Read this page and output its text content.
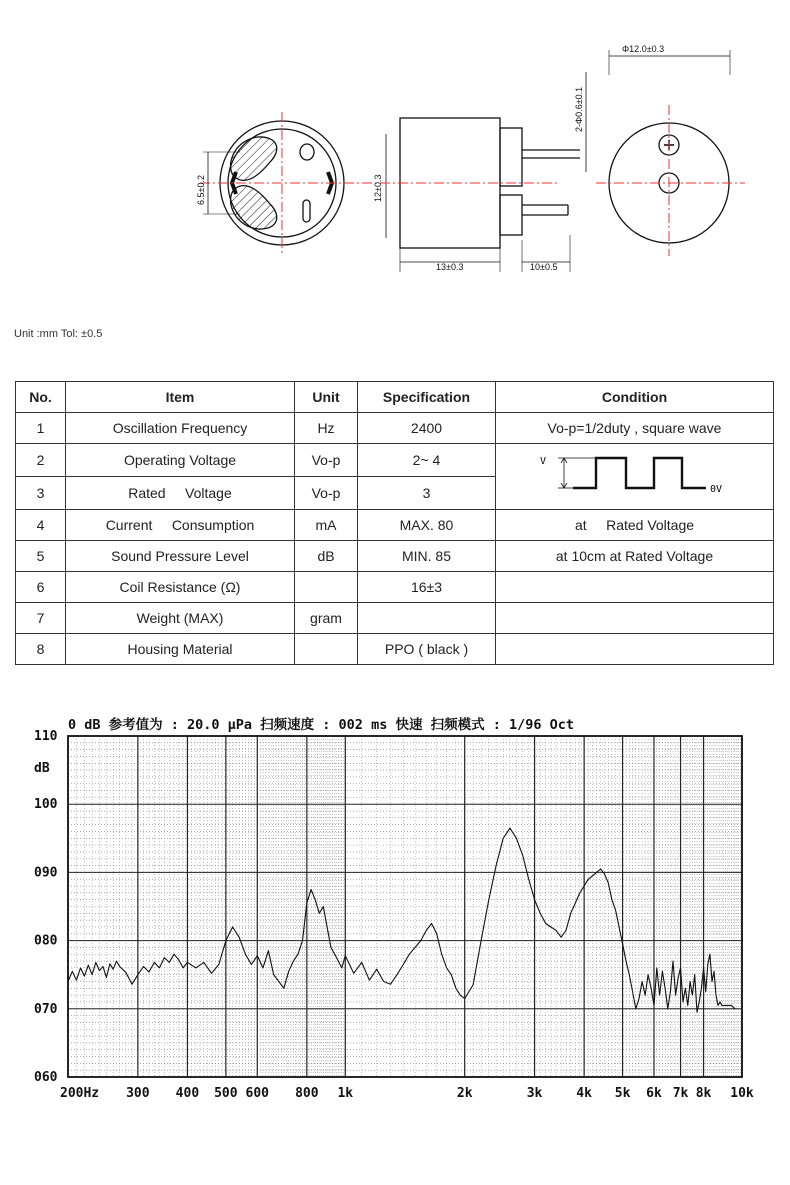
Φ12.0±0.3
2-Φ0.6±0.1
6.5±0.2	12±0.3
13±0.3	10±0.5
Unit :mm Tol: ±0.5
No.	Item	Unit	Specification	Condition
1	Oscillation Frequency	Hz	2400	Vo-p=1/2duty , square wave
2	Operating Voltage	Vo-p	2~ 4	V
0V

3	Rated     Voltage	Vo-p	3	
4	Current     Consumption	mA	MAX. 80	at     Rated Voltage
5	Sound Pressure Level	dB	MIN. 85	at 10cm at Rated Voltage
6	Coil Resistance (Ω)		16±3	
7	Weight (MAX)	gram		
8	Housing Material		PPO ( black )	
0 dB 参考值为 : 20.0 μPa 扫频速度 : 002 ms 快速 扫频模式 : 1/96 Oct
dB
110
100
090
080
070
060
200Hz 300 400 500 600 800 1k	2k	3k	4k 5k 6k 7k 8k 10k
